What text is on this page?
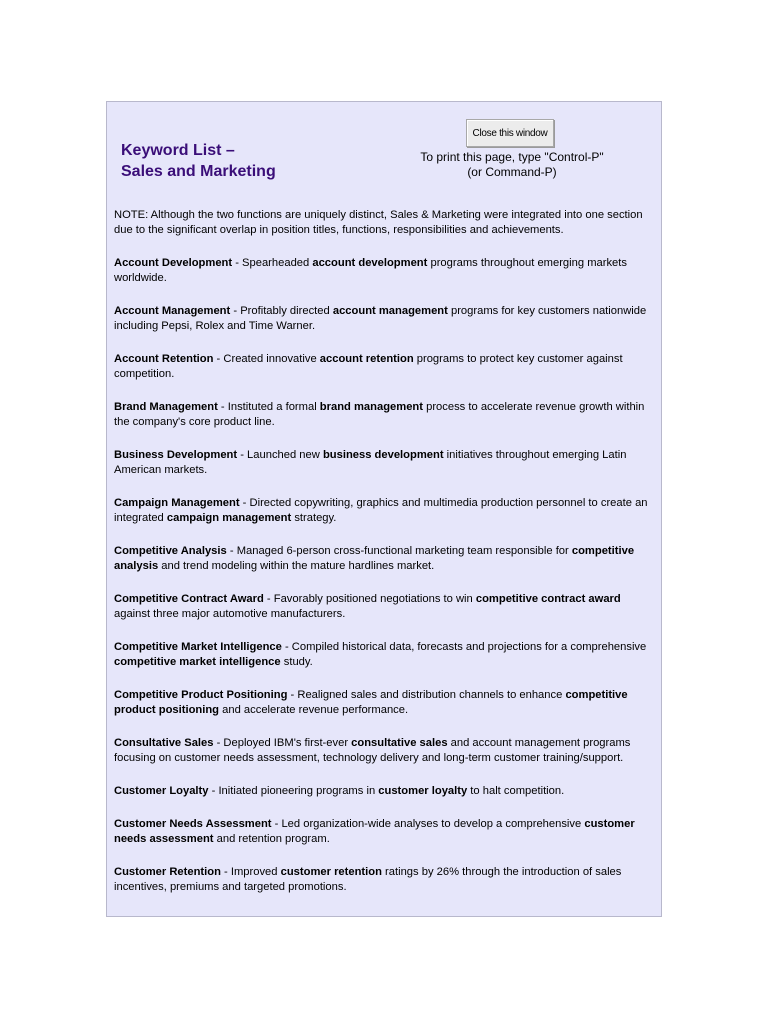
Keyword List –
Sales and Marketing
Close this window
To print this page, type "Control-P"
(or Command-P)

NOTE: Although the two functions are uniquely distinct, Sales & Marketing were integrated into one section due to the significant overlap in position titles, functions, responsibilities and achievements.

Account Development - Spearheaded account development programs throughout emerging markets worldwide.

Account Management - Profitably directed account management programs for key customers nationwide including Pepsi, Rolex and Time Warner.

Account Retention - Created innovative account retention programs to protect key customer against competition.

Brand Management - Instituted a formal brand management process to accelerate revenue growth within the company's core product line.

Business Development - Launched new business development initiatives throughout emerging Latin American markets.

Campaign Management - Directed copywriting, graphics and multimedia production personnel to create an integrated campaign management strategy.

Competitive Analysis - Managed 6-person cross-functional marketing team responsible for competitive analysis and trend modeling within the mature hardlines market.

Competitive Contract Award - Favorably positioned negotiations to win competitive contract award against three major automotive manufacturers.

Competitive Market Intelligence - Compiled historical data, forecasts and projections for a comprehensive competitive market intelligence study.

Competitive Product Positioning - Realigned sales and distribution channels to enhance competitive product positioning and accelerate revenue performance.

Consultative Sales - Deployed IBM's first-ever consultative sales and account management programs focusing on customer needs assessment, technology delivery and long-term customer training/support.

Customer Loyalty - Initiated pioneering programs in customer loyalty to halt competition.

Customer Needs Assessment - Led organization-wide analyses to develop a comprehensive customer needs assessment and retention program.

Customer Retention - Improved customer retention ratings by 26% through the introduction of sales incentives, premiums and targeted promotions.
